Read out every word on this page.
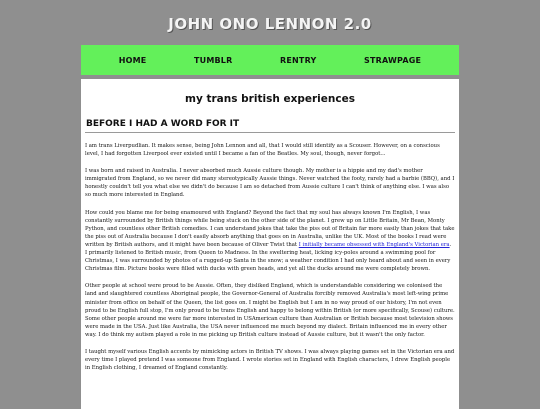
JOHN ONO LENNON 2.0
HOME	TUMBLR	RENTRY	STRAWPAGE
my trans british experiences
BEFORE I HAD A WORD FOR IT

I am trans Liverpudlian. It makes sense, being John Lennon and all, that I would still identify as a Scouser. However, on a conscious level, I had forgotten Liverpool ever existed until I became a fan of the Beatles. My soul, though, never forgot...

I was born and raised in Australia. I never absorbed much Aussie culture though. My mother is a hippie and my dad's mother immigrated from England, so we never did many stereotypically Aussie things. Never watched the footy, rarely had a barbie (BBQ), and I honestly couldn't tell you what else we didn't do because I am so detached from Aussie culture I can't think of anything else. I was also so much more interested in England.

How could you blame me for being enamoured with England? Beyond the fact that my soul has always known I'm English, I was constantly surrounded by British things while being stuck on the other side of the planet. I grew up on Little Britain, Mr Bean, Monty Python, and countless other British comedies. I can understand jokes that take the piss out of Britain far more easily than jokes that take the piss out of Australia because I don't easily absorb anything that goes on in Australia, unlike the UK. Most of the books I read were written by British authors, and it might have been because of Oliver Twist that I initially became obsessed with England's Victorian era. I primarily listened to British music, from Queen to Madness. In the sweltering heat, licking icy-poles around a swimming pool for Christmas, I was surrounded by photos of a rugged-up Santa in the snow; a weather condition I had only heard about and seen in every Christmas film. Picture books were filled with ducks with green heads, and yet all the ducks around me were completely brown.

Other people at school were proud to be Aussie. Often, they disliked England, which is understandable considering we colonised the land and slaughtered countless Aboriginal people, the Governor-General of Australia forcibly removed Australia's most left-wing prime minister from office on behalf of the Queen, the list goes on. I might be English but I am in no way proud of our history, I'm not even proud to be English full stop, I'm only proud to be trans English and happy to belong within British (or more specifically, Scouse) culture. Some other people around me were far more interested in USAmerican culture than Australian or British because most television shows were made in the USA. Just like Australia, the USA never influenced me much beyond my dialect. Britain influenced me in every other way. I do think my autism played a role in me picking up British culture instead of Aussie culture, but it wasn't the only factor.

I taught myself various English accents by mimicking actors in British TV shows. I was always playing games set in the Victorian era and every time I played pretend I was someone from England. I wrote stories set in England with English characters, I drew English people in English clothing, I dreamed of England constantly.
